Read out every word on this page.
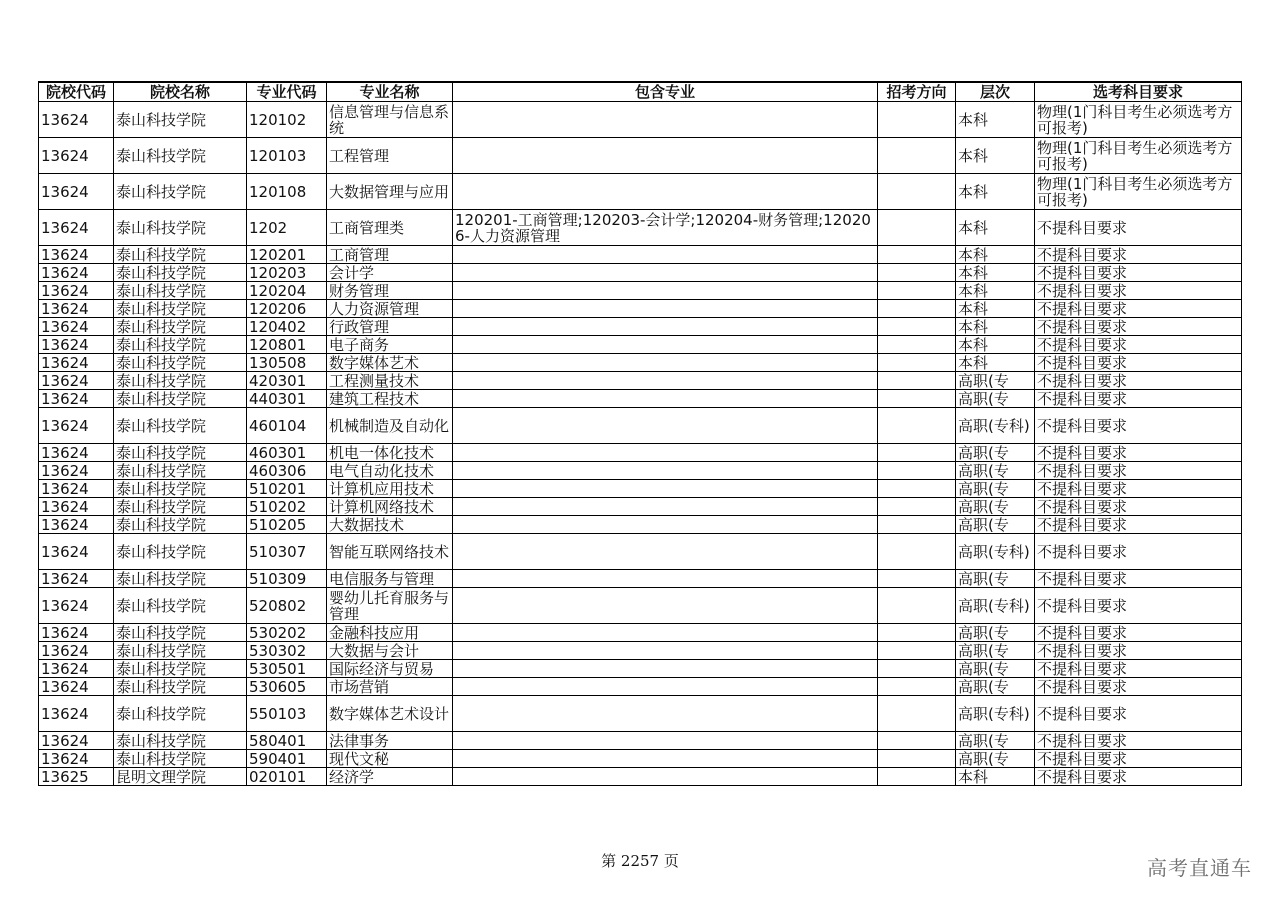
院校代码	院校名称	专业代码	专业名称	包含专业	招考方向	层次	选考科目要求
13624	泰山科技学院	120102	信息管理与信息系统			本科	物理(1门科目考生必须选考方可报考)
13624	泰山科技学院	120103	工程管理			本科	物理(1门科目考生必须选考方可报考)
13624	泰山科技学院	120108	大数据管理与应用			本科	物理(1门科目考生必须选考方可报考)
13624	泰山科技学院	1202	工商管理类	120201-工商管理;120203-会计学;120204-财务管理;120206-人力资源管理		本科	不提科目要求
13624	泰山科技学院	120201	工商管理			本科	不提科目要求
13624	泰山科技学院	120203	会计学			本科	不提科目要求
13624	泰山科技学院	120204	财务管理			本科	不提科目要求
13624	泰山科技学院	120206	人力资源管理			本科	不提科目要求
13624	泰山科技学院	120402	行政管理			本科	不提科目要求
13624	泰山科技学院	120801	电子商务			本科	不提科目要求
13624	泰山科技学院	130508	数字媒体艺术			本科	不提科目要求
13624	泰山科技学院	420301	工程测量技术			高职(专	不提科目要求
13624	泰山科技学院	440301	建筑工程技术			高职(专	不提科目要求
13624	泰山科技学院	460104	机械制造及自动化			高职(专科)	不提科目要求
13624	泰山科技学院	460301	机电一体化技术			高职(专	不提科目要求
13624	泰山科技学院	460306	电气自动化技术			高职(专	不提科目要求
13624	泰山科技学院	510201	计算机应用技术			高职(专	不提科目要求
13624	泰山科技学院	510202	计算机网络技术			高职(专	不提科目要求
13624	泰山科技学院	510205	大数据技术			高职(专	不提科目要求
13624	泰山科技学院	510307	智能互联网络技术			高职(专科)	不提科目要求
13624	泰山科技学院	510309	电信服务与管理			高职(专	不提科目要求
13624	泰山科技学院	520802	婴幼儿托育服务与管理			高职(专科)	不提科目要求
13624	泰山科技学院	530202	金融科技应用			高职(专	不提科目要求
13624	泰山科技学院	530302	大数据与会计			高职(专	不提科目要求
13624	泰山科技学院	530501	国际经济与贸易			高职(专	不提科目要求
13624	泰山科技学院	530605	市场营销			高职(专	不提科目要求
13624	泰山科技学院	550103	数字媒体艺术设计			高职(专科)	不提科目要求
13624	泰山科技学院	580401	法律事务			高职(专	不提科目要求
13624	泰山科技学院	590401	现代文秘			高职(专	不提科目要求
13625	昆明文理学院	020101	经济学			本科	不提科目要求
第 2257 页	高考直通车
